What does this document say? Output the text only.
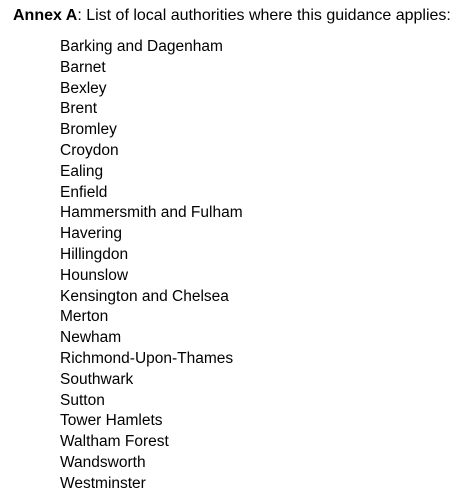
Annex A: List of local authorities where this guidance applies:
Barking and Dagenham
Barnet
Bexley
Brent
Bromley
Croydon
Ealing
Enfield
Hammersmith and Fulham
Havering
Hillingdon
Hounslow
Kensington and Chelsea
Merton
Newham
Richmond-Upon-Thames
Southwark
Sutton
Tower Hamlets
Waltham Forest
Wandsworth
Westminster
